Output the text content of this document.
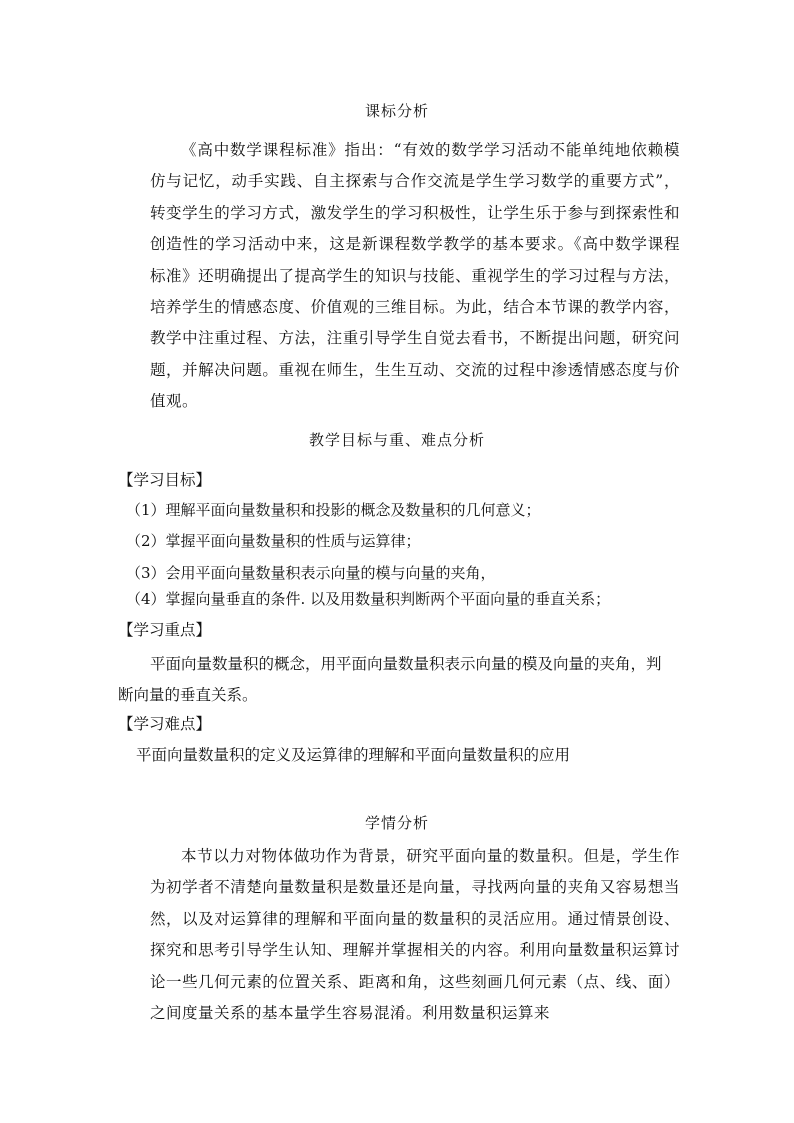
课标分析

《高中数学课程标准》指出：“有效的数学学习活动不能单纯地依赖模仿与记忆，动手实践、自主探索与合作交流是学生学习数学的重要方式”，转变学生的学习方式，激发学生的学习积极性，让学生乐于参与到探索性和创造性的学习活动中来，这是新课程数学教学的基本要求。《高中数学课程标准》还明确提出了提高学生的知识与技能、重视学生的学习过程与方法，培养学生的情感态度、价值观的三维目标。为此，结合本节课的教学内容，教学中注重过程、方法，注重引导学生自觉去看书，不断提出问题，研究问题，并解决问题。重视在师生，生生互动、交流的过程中渗透情感态度与价值观。

教学目标与重、难点分析

【学习目标】

（1）理解平面向量数量积和投影的概念及数量积的几何意义；

（2）掌握平面向量数量积的性质与运算律；

（3）会用平面向量数量积表示向量的模与向量的夹角，

（4）掌握向量垂直的条件. 以及用数量积判断两个平面向量的垂直关系；

【学习重点】

平面向量数量积的概念，用平面向量数量积表示向量的模及向量的夹角，判

断向量的垂直关系。

【学习难点】

平面向量数量积的定义及运算律的理解和平面向量数量积的应用

学情分析

本节以力对物体做功作为背景，研究平面向量的数量积。但是，学生作为初学者不清楚向量数量积是数量还是向量，寻找两向量的夹角又容易想当然，以及对运算律的理解和平面向量的数量积的灵活应用。通过情景创设、探究和思考引导学生认知、理解并掌握相关的内容。利用向量数量积运算讨论一些几何元素的位置关系、距离和角，这些刻画几何元素（点、线、面）之间度量关系的基本量学生容易混淆。利用数量积运算来
